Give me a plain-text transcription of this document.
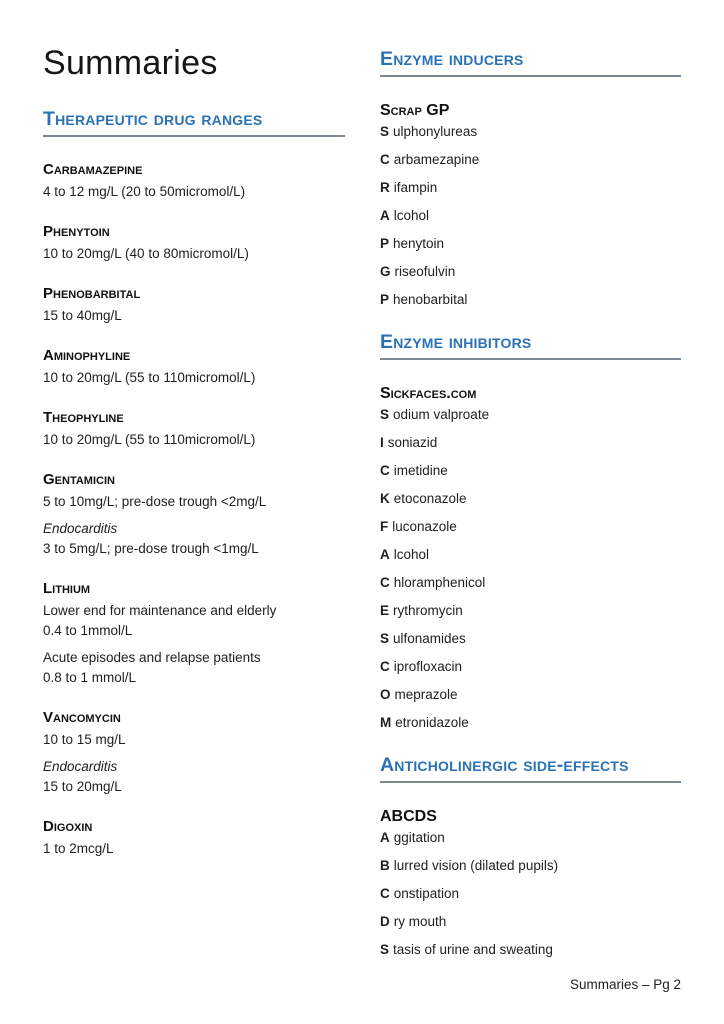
Summaries
Therapeutic drug ranges
Carbamazepine
4 to 12 mg/L (20 to 50micromol/L)
Phenytoin
10 to 20mg/L (40 to 80micromol/L)
Phenobarbital
15 to 40mg/L
Aminophyline
10 to 20mg/L (55 to 110micromol/L)
Theophyline
10 to 20mg/L (55 to 110micromol/L)
Gentamicin
5 to 10mg/L; pre-dose trough <2mg/L
Endocarditis
3 to 5mg/L; pre-dose trough <1mg/L
Lithium
Lower end for maintenance and elderly
0.4 to 1mmol/L
Acute episodes and relapse patients
0.8 to 1 mmol/L
Vancomycin
10 to 15 mg/L
Endocarditis
15 to 20mg/L
Digoxin
1 to 2mcg/L
Enzyme inducers
Scrap GP
S ulphonylureas
C arbamezapine
R ifampin
A lcohol
P henytoin
G riseofulvin
P henobarbital
Enzyme inhibitors
Sickfaces.com
S odium valproate
I soniazid
C imetidine
K etoconazole
F luconazole
A lcohol
C hloramphenicol
E rythromycin
S ulfonamides
C iprofloxacin
O meprazole
M etronidazole
Anticholinergic side-effects
ABCDS
A ggitation
B lurred vision (dilated pupils)
C onstipation
D ry mouth
S tasis of urine and sweating
Summaries – Pg 2
